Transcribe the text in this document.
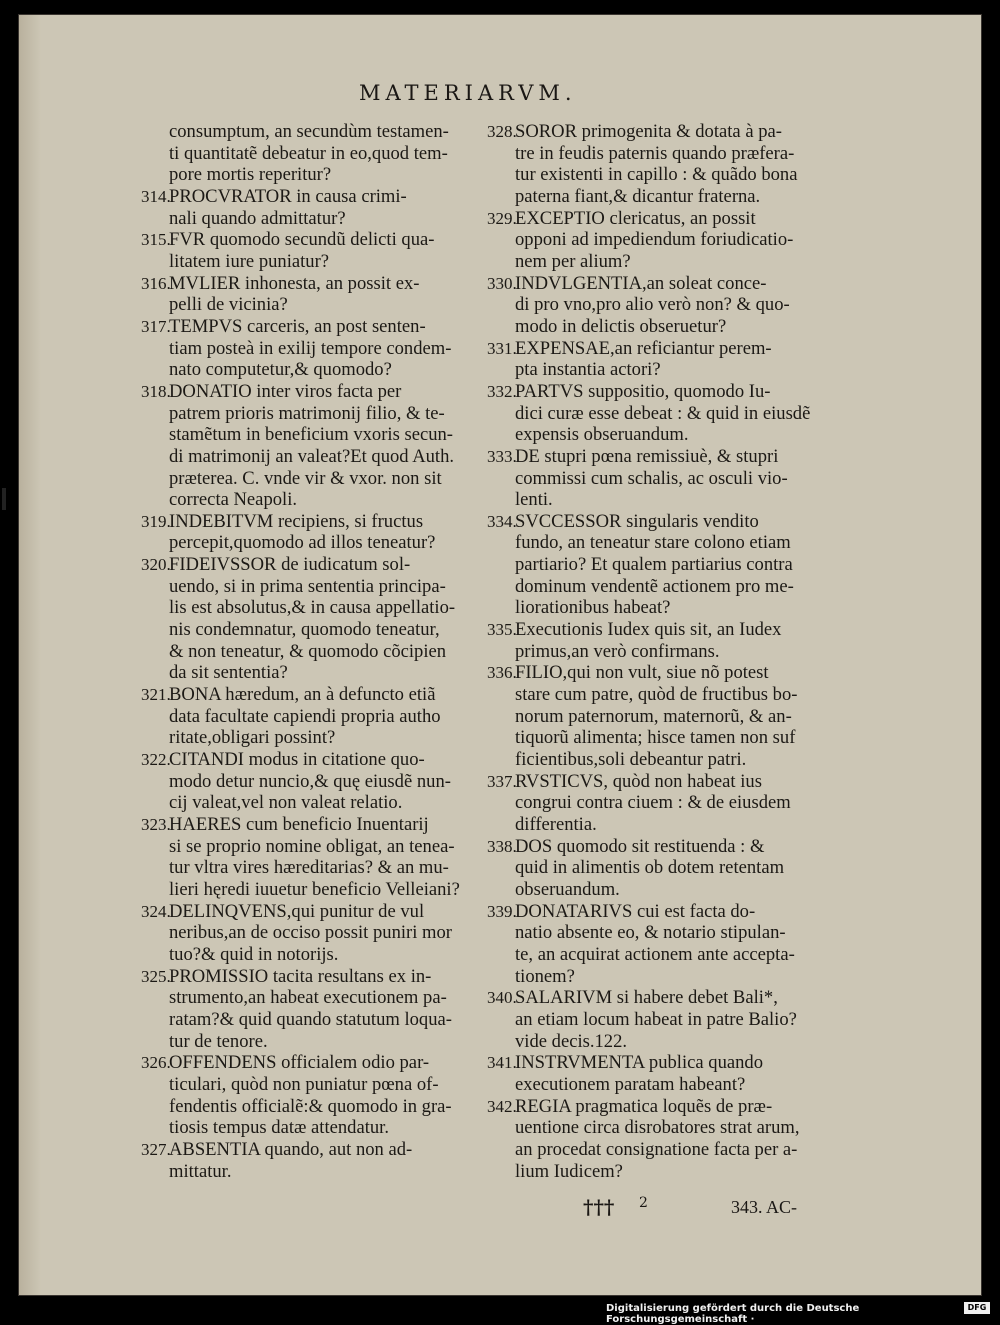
MATERIARVM.
consumptum, an secundùm testamen-
ti quantitatẽ debeatur in eo,quod tem-
pore mortis reperitur?
314.
PROCVRATOR in causa crimi-
nali quando admittatur?
315.
FVR quomodo secundũ delicti qua-
litatem iure puniatur?
316.
MVLIER inhonesta, an possit ex-
pelli de vicinia?
317.
TEMPVS carceris, an post senten-
tiam posteà in exilij tempore condem-
nato computetur,& quomodo?
318.
DONATIO inter viros facta per
patrem prioris matrimonij filio, & te-
stamẽtum in beneficium vxoris secun-
di matrimonij an valeat?Et quod Auth.
præterea. C. vnde vir & vxor. non sit
correcta Neapoli.
319.
INDEBITVM recipiens, si fructus
percepit,quomodo ad illos teneatur?
320.
FIDEIVSSOR de iudicatum sol-
uendo, si in prima sententia principa-
lis est absolutus,& in causa appellatio-
nis condemnatur, quomodo teneatur,
& non teneatur, & quomodo cõcipien
da sit sententia?
321.
BONA hæredum, an à defuncto etiã
data facultate capiendi propria autho
ritate,obligari possint?
322.
CITANDI modus in citatione quo-
modo detur nuncio,& quę eiusdẽ nun-
cij valeat,vel non valeat relatio.
323.
HAERES cum beneficio Inuentarij
si se proprio nomine obligat, an tenea-
tur vltra vires hæreditarias? & an mu-
lieri hęredi iuuetur beneficio Velleiani?
324.
DELINQVENS,qui punitur de vul
neribus,an de occiso possit puniri mor
tuo?& quid in notorijs.
325.
PROMISSIO tacita resultans ex in-
strumento,an habeat executionem pa-
ratam?& quid quando statutum loqua-
tur de tenore.
326.
OFFENDENS officialem odio par-
ticulari, quòd non puniatur pœna of-
fendentis officialẽ:& quomodo in gra-
tiosis tempus datæ attendatur.
327.
ABSENTIA quando, aut non ad-
mittatur.
328.
SOROR primogenita & dotata à pa-
tre in feudis paternis quando præfera-
tur existenti in capillo : & quãdo bona
paterna fiant,& dicantur fraterna.
329.
EXCEPTIO clericatus, an possit
opponi ad impediendum foriudicatio-
nem per alium?
330.
INDVLGENTIA,an soleat conce-
di pro vno,pro alio verò non? & quo-
modo in delictis obseruetur?
331.
EXPENSAE,an reficiantur perem-
pta instantia actori?
332.
PARTVS suppositio, quomodo Iu-
dici curæ esse debeat : & quid in eiusdẽ
expensis obseruandum.
333.
DE stupri pœna remissiuè, & stupri
commissi cum schalis, ac osculi vio-
lenti.
334.
SVCCESSOR singularis vendito
fundo, an teneatur stare colono etiam
partiario? Et qualem partiarius contra
dominum vendentẽ actionem pro me-
liorationibus habeat?
335.
Executionis Iudex quis sit, an Iudex
primus,an verò confirmans.
336.
FILIO,qui non vult, siue nõ potest
stare cum patre, quòd de fructibus bo-
norum paternorum, maternorũ, & an-
tiquorũ alimenta; hisce tamen non suf
ficientibus,soli debeantur patri.
337.
RVSTICVS, quòd non habeat ius
congrui contra ciuem : & de eiusdem
differentia.
338.
DOS quomodo sit restituenda : &
quid in alimentis ob dotem retentam
obseruandum.
339.
DONATARIVS cui est facta do-
natio absente eo, & notario stipulan-
te, an acquirat actionem ante accepta-
tionem?
340.
SALARIVM si habere debet Bali*,
an etiam locum habeat in patre Balio?
vide decis.122.
341.
INSTRVMENTA publica quando
executionem paratam habeant?
342.
REGIA pragmatica loquẽs de præ-
uentione circa disrobatores strat arum,
an procedat consignatione facta per a-
lium Iudicem?
††† 2	343. AC-
Digitalisierung gefördert durch die Deutsche Forschungsgemeinschaft ·
DFG
